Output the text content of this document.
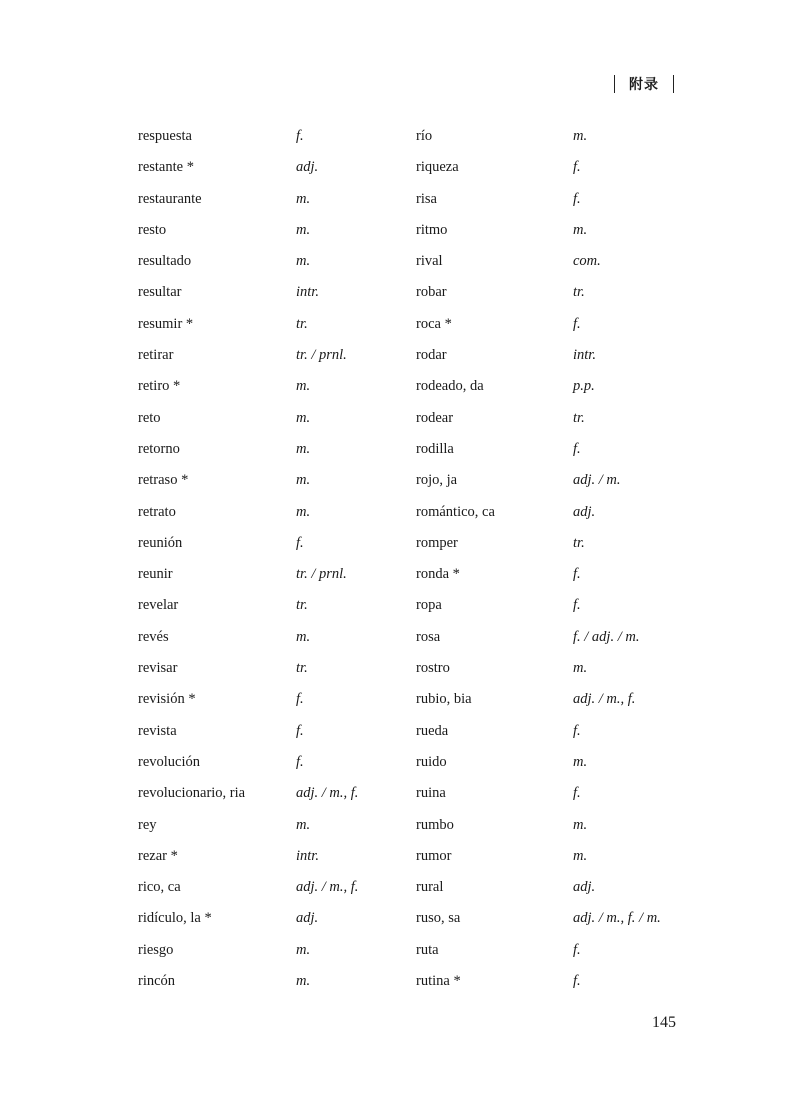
附录
respuesta	f.	río	m.
restante *	adj.	riqueza	f.
restaurante	m.	risa	f.
resto	m.	ritmo	m.
resultado	m.	rival	com.
resultar	intr.	robar	tr.
resumir *	tr.	roca *	f.
retirar	tr. / prnl.	rodar	intr.
retiro *	m.	rodeado, da	p.p.
reto	m.	rodear	tr.
retorno	m.	rodilla	f.
retraso *	m.	rojo, ja	adj. / m.
retrato	m.	romántico, ca	adj.
reunión	f.	romper	tr.
reunir	tr. / prnl.	ronda *	f.
revelar	tr.	ropa	f.
revés	m.	rosa	f. / adj. / m.
revisar	tr.	rostro	m.
revisión *	f.	rubio, bia	adj. / m., f.
revista	f.	rueda	f.
revolución	f.	ruido	m.
revolucionario, ria	adj. / m., f.	ruina	f.
rey	m.	rumbo	m.
rezar *	intr.	rumor	m.
rico, ca	adj. / m., f.	rural	adj.
ridículo, la *	adj.	ruso, sa	adj. / m., f. / m.
riesgo	m.	ruta	f.
rincón	m.	rutina *	f.
145
